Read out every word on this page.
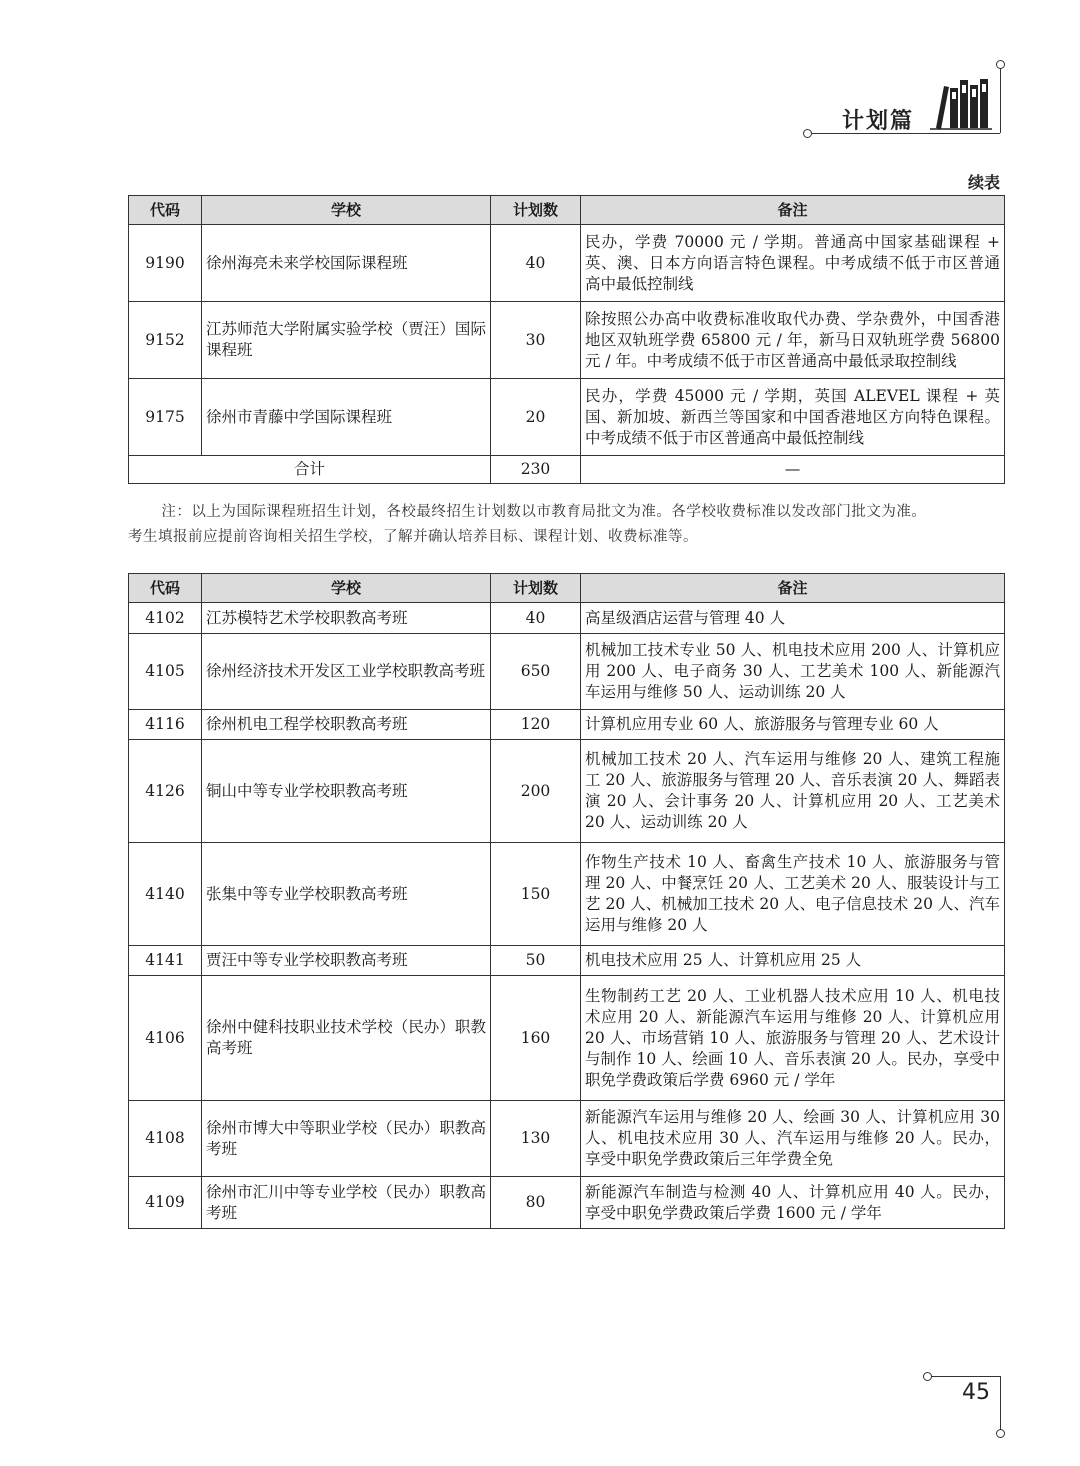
计划篇
续表
代码	学校	计划数	备注
9190	徐州海亮未来学校国际课程班	40	民办，学费 70000 元 / 学期。普通高中国家基础课程 + 英、澳、日本方向语言特色课程。中考成绩不低于市区普通高中最低控制线
9152	江苏师范大学附属实验学校（贾汪）国际课程班	30	除按照公办高中收费标准收取代办费、学杂费外，中国香港地区双轨班学费 65800 元 / 年，新马日双轨班学费 56800 元 / 年。中考成绩不低于市区普通高中最低录取控制线
9175	徐州市青藤中学国际课程班	20	民办，学费 45000 元 / 学期，英国 ALEVEL 课程 + 英国、新加坡、新西兰等国家和中国香港地区方向特色课程。中考成绩不低于市区普通高中最低控制线
合计		230	—

注：以上为国际课程班招生计划，各校最终招生计划数以市教育局批文为准。各学校收费标准以发改部门批文为准。

考生填报前应提前咨询相关招生学校，了解并确认培养目标、课程计划、收费标准等。

代码	学校	计划数	备注
4102	江苏模特艺术学校职教高考班	40	高星级酒店运营与管理 40 人
4105	徐州经济技术开发区工业学校职教高考班	650	机械加工技术专业 50 人、机电技术应用 200 人、计算机应用 200 人、电子商务 30 人、工艺美术 100 人、新能源汽车运用与维修 50 人、运动训练 20 人
4116	徐州机电工程学校职教高考班	120	计算机应用专业 60 人、旅游服务与管理专业 60 人
4126	铜山中等专业学校职教高考班	200	机械加工技术 20 人、汽车运用与维修 20 人、建筑工程施工 20 人、旅游服务与管理 20 人、音乐表演 20 人、舞蹈表演 20 人、会计事务 20 人、计算机应用 20 人、工艺美术 20 人、运动训练 20 人
4140	张集中等专业学校职教高考班	150	作物生产技术 10 人、畜禽生产技术 10 人、旅游服务与管理 20 人、中餐烹饪 20 人、工艺美术 20 人、服装设计与工艺 20 人、机械加工技术 20 人、电子信息技术 20 人、汽车运用与维修 20 人
4141	贾汪中等专业学校职教高考班	50	机电技术应用 25 人、计算机应用 25 人
4106	徐州中健科技职业技术学校（民办）职教高考班	160	生物制药工艺 20 人、工业机器人技术应用 10 人、机电技术应用 20 人、新能源汽车运用与维修 20 人、计算机应用 20 人、市场营销 10 人、旅游服务与管理 20 人、艺术设计与制作 10 人、绘画 10 人、音乐表演 20 人。民办，享受中职免学费政策后学费 6960 元 / 学年
4108	徐州市博大中等职业学校（民办）职教高考班	130	新能源汽车运用与维修 20 人、绘画 30 人、计算机应用 30 人、机电技术应用 30 人、汽车运用与维修 20 人。民办，享受中职免学费政策后三年学费全免
4109	徐州市汇川中等专业学校（民办）职教高考班	80	新能源汽车制造与检测 40 人、计算机应用 40 人。民办，享受中职免学费政策后学费 1600 元 / 学年
45
